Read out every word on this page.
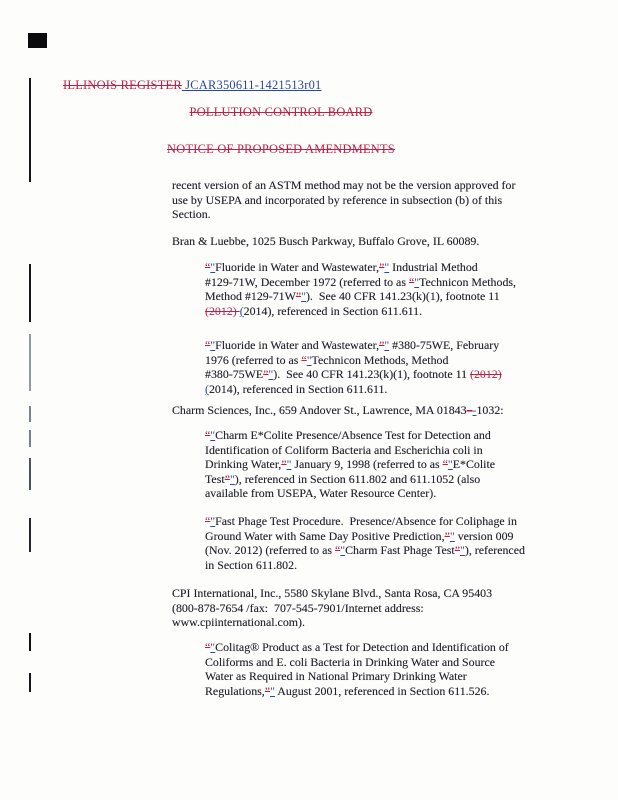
ILLINOIS REGISTER JCAR350611-1421513r01
POLLUTION CONTROL BOARD
NOTICE OF PROPOSED AMENDMENTS
recent version of an ASTM method may not be the version approved for
use by USEPA and incorporated by reference in subsection (b) of this
Section.
Bran & Luebbe, 1025 Busch Parkway, Buffalo Grove, IL 60089.
“"Fluoride in Water and Wastewater,”" Industrial Method
#129-71W, December 1972 (referred to as “"Technicon Methods,
Method #129-71W”").  See 40 CFR 141.23(k)(1), footnote 11
(2012) (2014), referenced in Section 611.611.
“"Fluoride in Water and Wastewater,”" #380-75WE, February
1976 (referred to as “"Technicon Methods, Method
#380-75WE”").  See 40 CFR 141.23(k)(1), footnote 11 (2012)
(2014), referenced in Section 611.611.
Charm Sciences, Inc., 659 Andover St., Lawrence, MA 01843–-1032:
“"Charm E*Colite Presence/Absence Test for Detection and
Identification of Coliform Bacteria and Escherichia coli in
Drinking Water,”" January 9, 1998 (referred to as “"E*Colite
Test”"), referenced in Section 611.802 and 611.1052 (also
available from USEPA, Water Resource Center).
“"Fast Phage Test Procedure.  Presence/Absence for Coliphage in
Ground Water with Same Day Positive Prediction,”" version 009
(Nov. 2012) (referred to as “"Charm Fast Phage Test”"), referenced
in Section 611.802.
CPI International, Inc., 5580 Skylane Blvd., Santa Rosa, CA 95403
(800-878-7654 /fax:  707-545-7901/Internet address:
www.cpiinternational.com).
“"Colitag® Product as a Test for Detection and Identification of
Coliforms and E. coli Bacteria in Drinking Water and Source
Water as Required in National Primary Drinking Water
Regulations,”" August 2001, referenced in Section 611.526.
